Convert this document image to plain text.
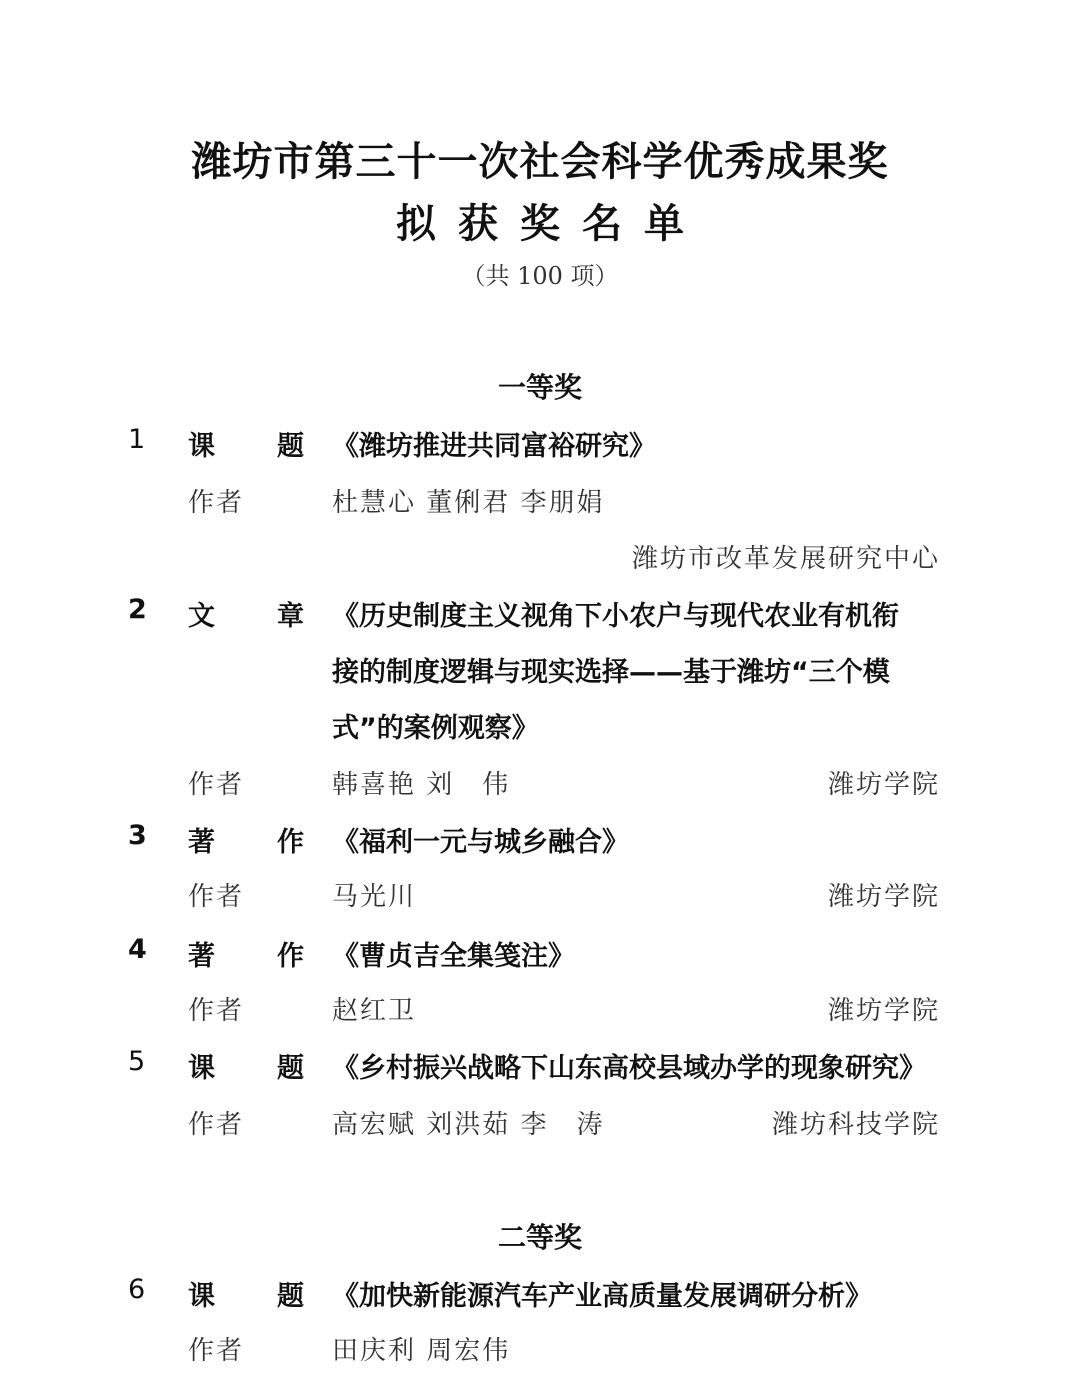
潍坊市第三十一次社会科学优秀成果奖
拟获奖名单
（共 100 项）
一等奖
1 课 题 《潍坊推进共同富裕研究》
作者	杜慧心 董俐君 李朋娟
潍坊市改革发展研究中心
2 文 章 《历史制度主义视角下小农户与现代农业有机衔
接的制度逻辑与现实选择——基于潍坊“三个模
式”的案例观察》
作者	韩喜艳 刘　伟	潍坊学院
3 著 作 《福利一元与城乡融合》
作者	马光川	潍坊学院
4 著 作 《曹贞吉全集笺注》
作者	赵红卫	潍坊学院
5 课 题 《乡村振兴战略下山东高校县域办学的现象研究》
作者	高宏赋 刘洪茹 李　涛	潍坊科技学院
二等奖
6 课 题 《加快新能源汽车产业高质量发展调研分析》
作者	田庆利 周宏伟
